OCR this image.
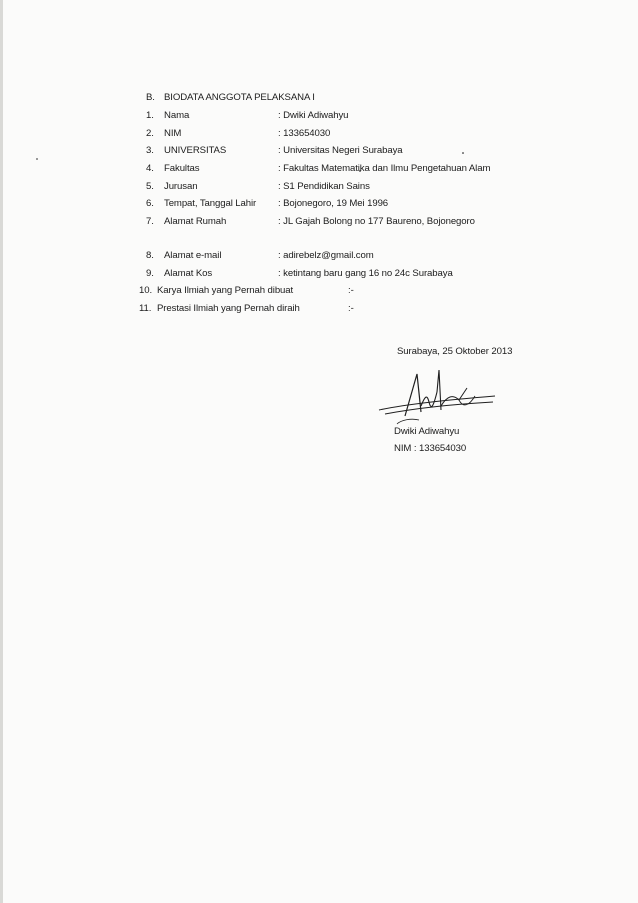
B. BIODATA ANGGOTA PELAKSANA I
1. Nama	: Dwiki Adiwahyu
2. NIM	: 133654030
3. UNIVERSITAS	: Universitas Negeri Surabaya
4. Fakultas	: Fakultas Matematika dan Ilmu Pengetahuan Alam
5. Jurusan	: S1 Pendidikan Sains
6. Tempat, Tanggal Lahir : Bojonegoro, 19 Mei 1996
7. Alamat Rumah	: JL Gajah Bolong no 177 Baureno, Bojonegoro
8. Alamat e-mail	: adirebelz@gmail.com
9. Alamat Kos	: ketintang baru gang 16 no 24c Surabaya
10. Karya Ilmiah yang Pernah dibuat	:-
11. Prestasi Ilmiah yang Pernah diraih	:-
Surabaya, 25 Oktober 2013
Dwiki Adiwahyu
NIM : 133654030
